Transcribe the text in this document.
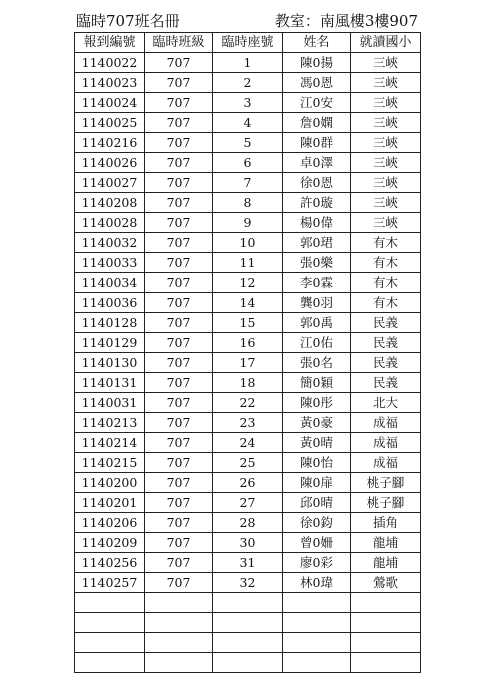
臨時707班名冊	教室：南風樓3樓907
報到編號	臨時班級	臨時座號	姓名	就讀國小
1140022	707	1	陳0揚	三峽
1140023	707	2	馮0恩	三峽
1140024	707	3	江0安	三峽
1140025	707	4	詹0嫻	三峽
1140216	707	5	陳0群	三峽
1140026	707	6	卓0澤	三峽
1140027	707	7	徐0恩	三峽
1140208	707	8	許0璇	三峽
1140028	707	9	楊0偉	三峽
1140032	707	10	郭0珺	有木
1140033	707	11	張0樂	有木
1140034	707	12	李0霖	有木
1140036	707	14	龔0羽	有木
1140128	707	15	郭0禹	民義
1140129	707	16	江0佑	民義
1140130	707	17	張0名	民義
1140131	707	18	簡0穎	民義
1140031	707	22	陳0彤	北大
1140213	707	23	黃0豪	成福
1140214	707	24	黃0晴	成福
1140215	707	25	陳0怡	成福
1140200	707	26	陳0扉	桃子腳
1140201	707	27	邱0晴	桃子腳
1140206	707	28	徐0鈞	插角
1140209	707	30	曾0姍	龍埔
1140256	707	31	廖0彩	龍埔
1140257	707	32	林0瑋	鶯歌
